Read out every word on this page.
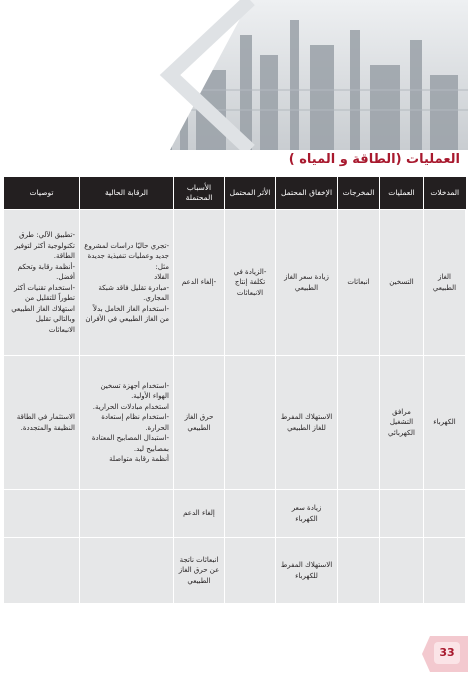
العمليات (الطاقة و المياه )
المدخلات	العمليات	المخرجات	الإخفاق المحتمل	الأثر المحتمل	الأسباب المحتملة	الرقابة الحالية	توصيات
الغاز الطبيعي	التسخين	انبعاثات	زيادة سعر الغاز الطبيعي	-الزيادة في تكلفة إنتاج الانبعاثات	-إلغاء الدعم	-تجري حاليًا دراسات لمشروع جديد وعمليات تنفيذية جديدة مثل:
الفلاد
-مبادرة تقليل فاقد شبكة المجاري.
-استخدام الغاز الخامل بدلاً من الغاز الطبيعي في الأفران	-تطبيق الآلي: طرق تكنولوجية أكثر لتوفير الطاقة.
-أنظمة رقابة وتحكم أفضل.
-استخدام تقنيات أكثر تطوراً للتقليل من استهلاك الغاز الطبيعي وبالتالي تقليل الانبعاثات
الكهرباء	مرافق التشغيل الكهربائي		الاستهلاك المفرط للغاز الطبيعي		حرق الغاز الطبيعي	-استخدام أجهزة تسخين الهواء الأولية.
استخدام مبادلات الحرارية.
-استخدام نظام إستعادة الحرارة.
-استبدال المصابيح المعتادة بمصابيح ليد.
أنظمة رقابة متواصلة	الاستثمار في الطاقة النظيفة والمتجددة.
			زيادة سعر الكهرباء		إلغاء الدعم		
			الاستهلاك المفرط للكهرباء		انبعاثات ناتجة عن حرق الغاز الطبيعي		
33
